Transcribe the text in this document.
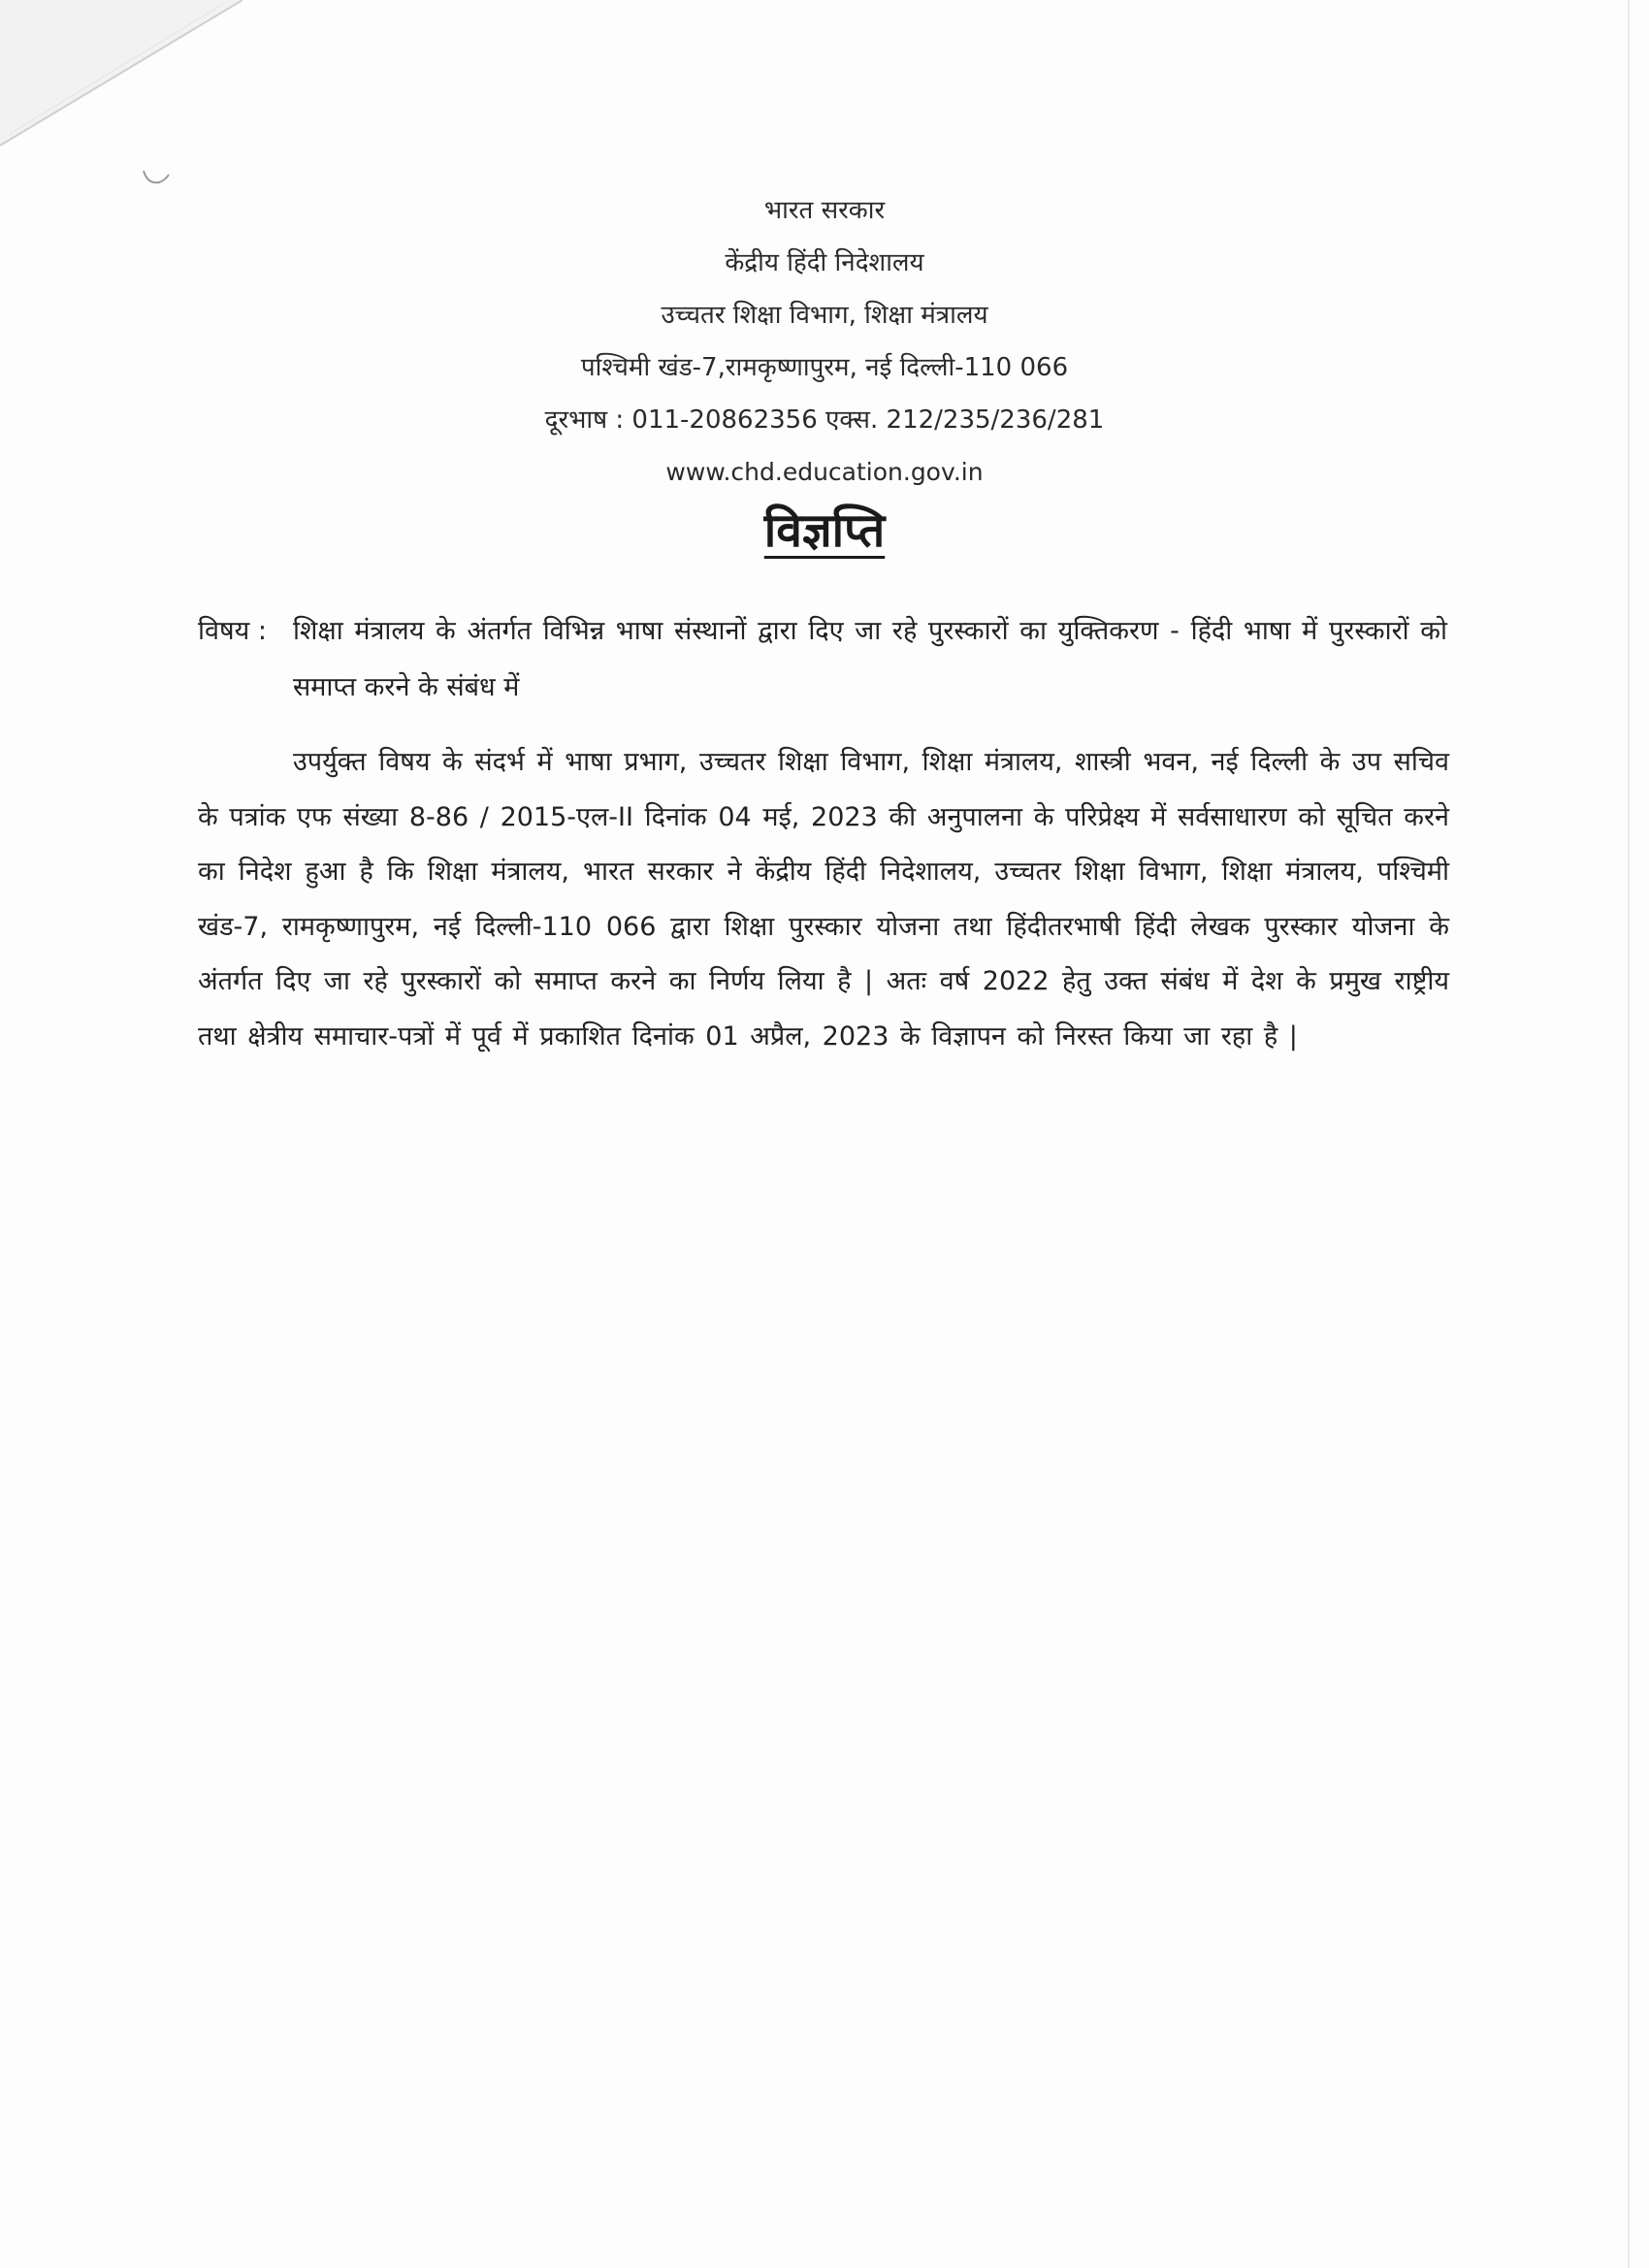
भारत सरकार
केंद्रीय हिंदी निदेशालय
उच्चतर शिक्षा विभाग, शिक्षा मंत्रालय
पश्चिमी खंड-7,रामकृष्णापुरम, नई दिल्ली-110 066
दूरभाष : 011-20862356 एक्स. 212/235/236/281
www.chd.education.gov.in
विज्ञप्ति
विषय : शिक्षा मंत्रालय के अंतर्गत विभिन्न भाषा संस्थानों द्वारा दिए जा रहे पुरस्कारों का युक्तिकरण - हिंदी भाषा में पुरस्कारों को समाप्त करने के संबंध में
उपर्युक्त विषय के संदर्भ में भाषा प्रभाग, उच्चतर शिक्षा विभाग, शिक्षा मंत्रालय, शास्त्री भवन, नई दिल्ली के उप सचिव के पत्रांक एफ संख्या 8-86 / 2015-एल-II दिनांक 04 मई, 2023 की अनुपालना के परिप्रेक्ष्य में सर्वसाधारण को सूचित करने का निदेश हुआ है कि शिक्षा मंत्रालय, भारत सरकार ने केंद्रीय हिंदी निदेशालय, उच्चतर शिक्षा विभाग, शिक्षा मंत्रालय, पश्चिमी खंड-7, रामकृष्णापुरम, नई दिल्ली-110 066 द्वारा शिक्षा पुरस्कार योजना तथा हिंदीतरभाषी हिंदी लेखक पुरस्कार योजना के अंतर्गत दिए जा रहे पुरस्कारों को समाप्त करने का निर्णय लिया है | अतः वर्ष 2022 हेतु उक्त संबंध में देश के प्रमुख राष्ट्रीय तथा क्षेत्रीय समाचार-पत्रों में पूर्व में प्रकाशित दिनांक 01 अप्रैल, 2023 के विज्ञापन को निरस्त किया जा रहा है |
